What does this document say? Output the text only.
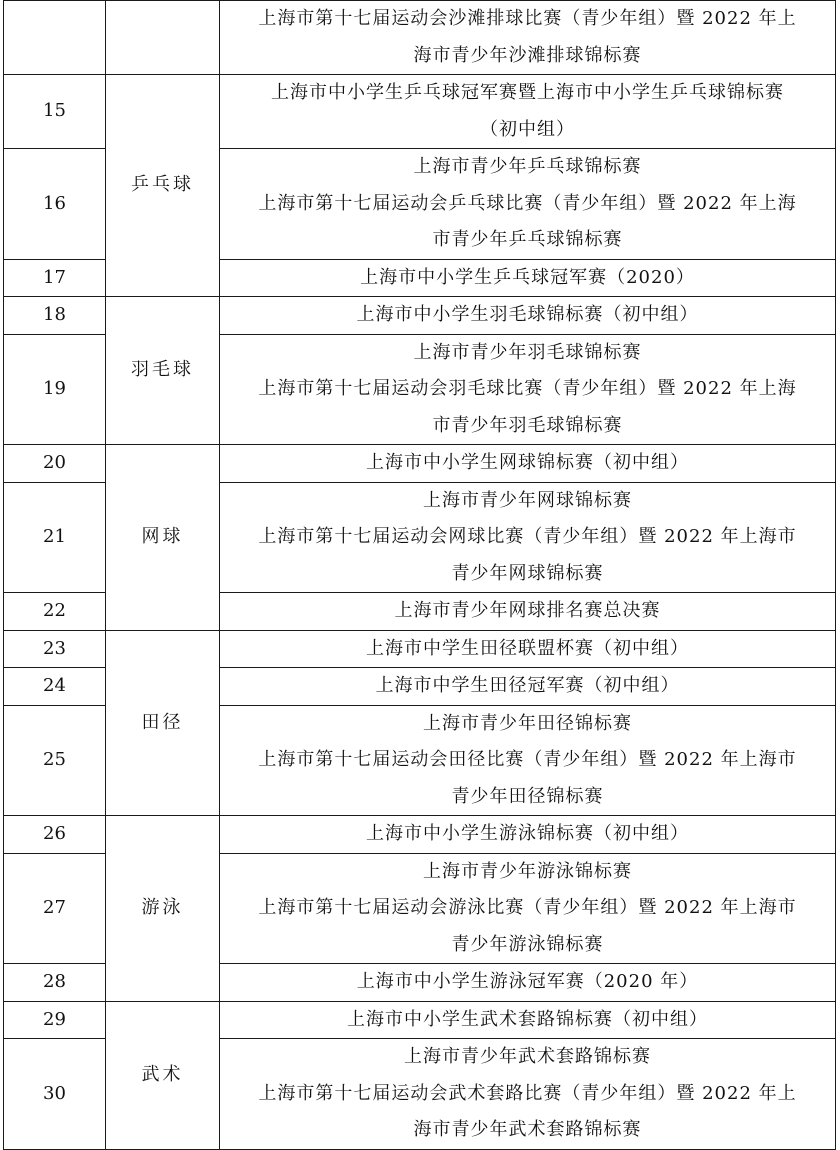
		上海市第十七届运动会沙滩排球比赛（青少年组）暨 2022 年上
海市青少年沙滩排球锦标赛

15	乒乓球	上海市中小学生乒乓球冠军赛暨上海市中小学生乒乓球锦标赛
（初中组）

16		上海市青少年乒乓球锦标赛
上海市第十七届运动会乒乓球比赛（青少年组）暨 2022 年上海
市青少年乒乓球锦标赛

17		上海市中小学生乒乓球冠军赛（2020）

18	羽毛球	上海市中小学生羽毛球锦标赛（初中组）

19		上海市青少年羽毛球锦标赛
上海市第十七届运动会羽毛球比赛（青少年组）暨 2022 年上海
市青少年羽毛球锦标赛

20	网球	上海市中小学生网球锦标赛（初中组）

21		上海市青少年网球锦标赛
上海市第十七届运动会网球比赛（青少年组）暨 2022 年上海市
青少年网球锦标赛

22		上海市青少年网球排名赛总决赛

23	田径	上海市中学生田径联盟杯赛（初中组）

24		上海市中学生田径冠军赛（初中组）

25		上海市青少年田径锦标赛
上海市第十七届运动会田径比赛（青少年组）暨 2022 年上海市
青少年田径锦标赛

26	游泳	上海市中小学生游泳锦标赛（初中组）

27		上海市青少年游泳锦标赛
上海市第十七届运动会游泳比赛（青少年组）暨 2022 年上海市
青少年游泳锦标赛

28		上海市中小学生游泳冠军赛（2020 年）

29	武术	上海市中小学生武术套路锦标赛（初中组）

30		上海市青少年武术套路锦标赛
上海市第十七届运动会武术套路比赛（青少年组）暨 2022 年上
海市青少年武术套路锦标赛
